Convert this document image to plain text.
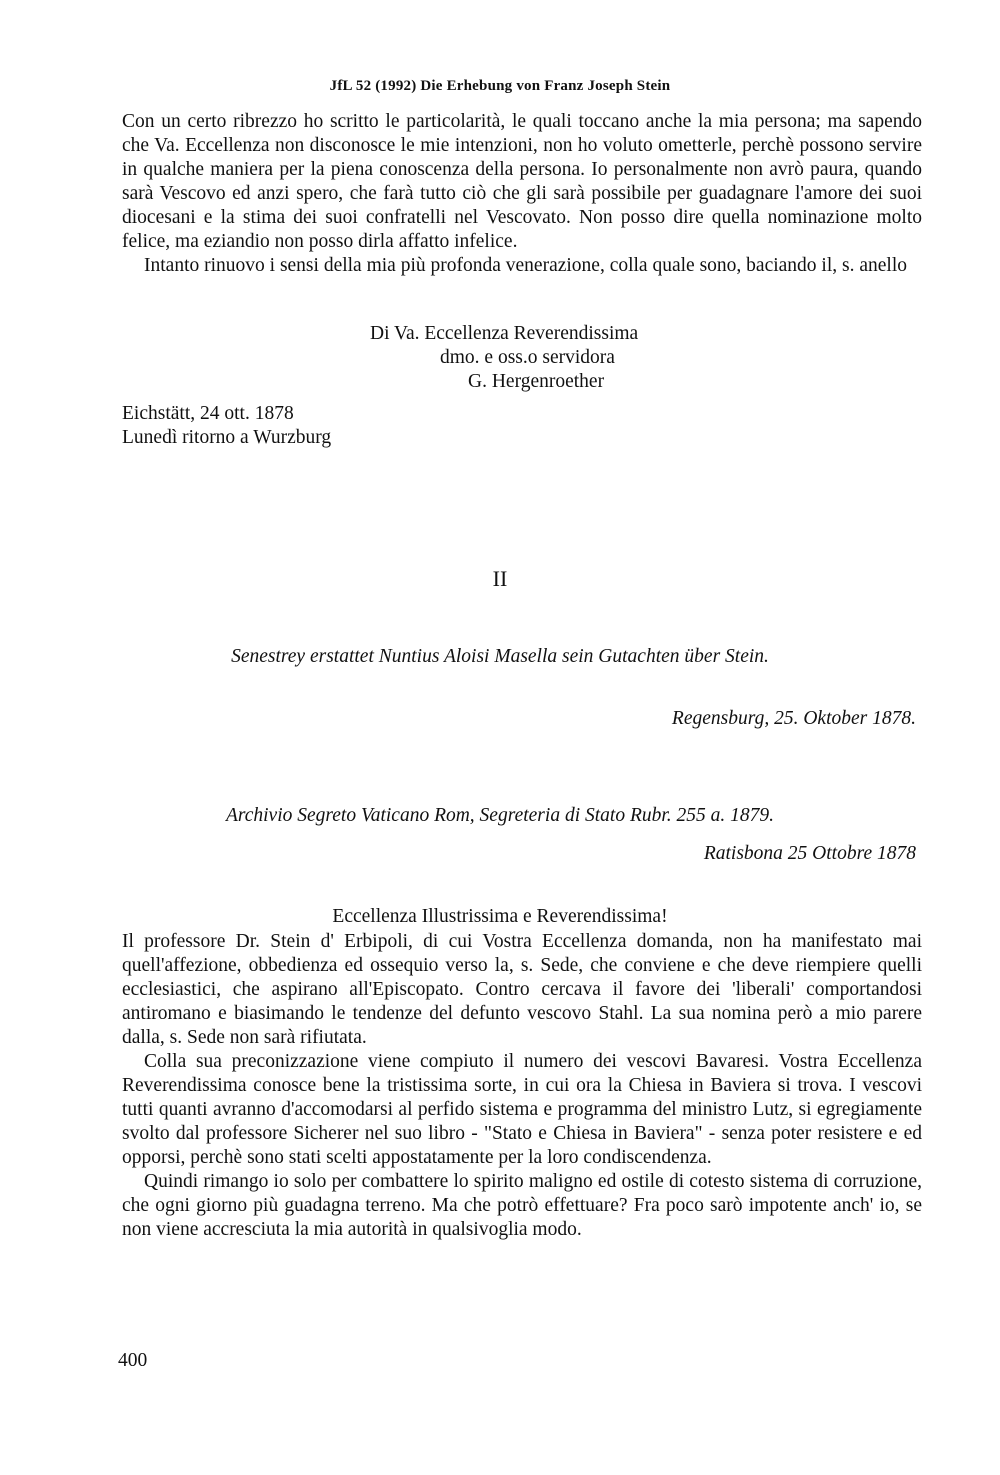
JfL 52 (1992) Die Erhebung von Franz Joseph Stein

Con un certo ribrezzo ho scritto le particolarità, le quali toccano anche la mia persona; ma sapendo che Va. Eccellenza non disconosce le mie intenzioni, non ho voluto ometterle, perchè possono servire in qualche maniera per la piena conoscenza della persona. Io personalmente non avrò paura, quando sarà Vescovo ed anzi spero, che farà tutto ciò che gli sarà possibile per guadagnare l'amore dei suoi diocesani e la stima dei suoi confratelli nel Vescovato. Non posso dire quella nominazione molto felice, ma eziandio non posso dirla affatto infelice.

Intanto rinuovo i sensi della mia più profonda venerazione, colla quale sono, baciando il, s. anello

Di Va. Eccellenza Reverendissima
dmo. e oss.o servidora
G. Hergenroether
Eichstätt, 24 ott. 1878
Lunedì ritorno a Wurzburg
II
Senestrey erstattet Nuntius Aloisi Masella sein Gutachten über Stein.
Regensburg, 25. Oktober 1878.
Archivio Segreto Vaticano Rom, Segreteria di Stato Rubr. 255 a. 1879.
Ratisbona 25 Ottobre 1878
Eccellenza Illustrissima e Reverendissima!

Il professore Dr. Stein d' Erbipoli, di cui Vostra Eccellenza domanda, non ha manifestato mai quell'affezione, obbedienza ed ossequio verso la, s. Sede, che conviene e che deve riempiere quelli ecclesiastici, che aspirano all'Episcopato. Contro cercava il favore dei 'liberali' comportandosi antiromano e biasimando le tendenze del defunto vescovo Stahl. La sua nomina però a mio parere dalla, s. Sede non sarà rifiutata.

Colla sua preconizzazione viene compiuto il numero dei vescovi Bavaresi. Vostra Eccellenza Reverendissima conosce bene la tristissima sorte, in cui ora la Chiesa in Baviera si trova. I vescovi tutti quanti avranno d'accomodarsi al perfido sistema e programma del ministro Lutz, si egregiamente svolto dal professore Sicherer nel suo libro - "Stato e Chiesa in Baviera" - senza poter resistere e ed opporsi, perchè sono stati scelti appostatamente per la loro condiscendenza.

Quindi rimango io solo per combattere lo spirito maligno ed ostile di cotesto sistema di corruzione, che ogni giorno più guadagna terreno. Ma che potrò effettuare? Fra poco sarò impotente anch' io, se non viene accresciuta la mia autorità in qualsivoglia modo.

400
